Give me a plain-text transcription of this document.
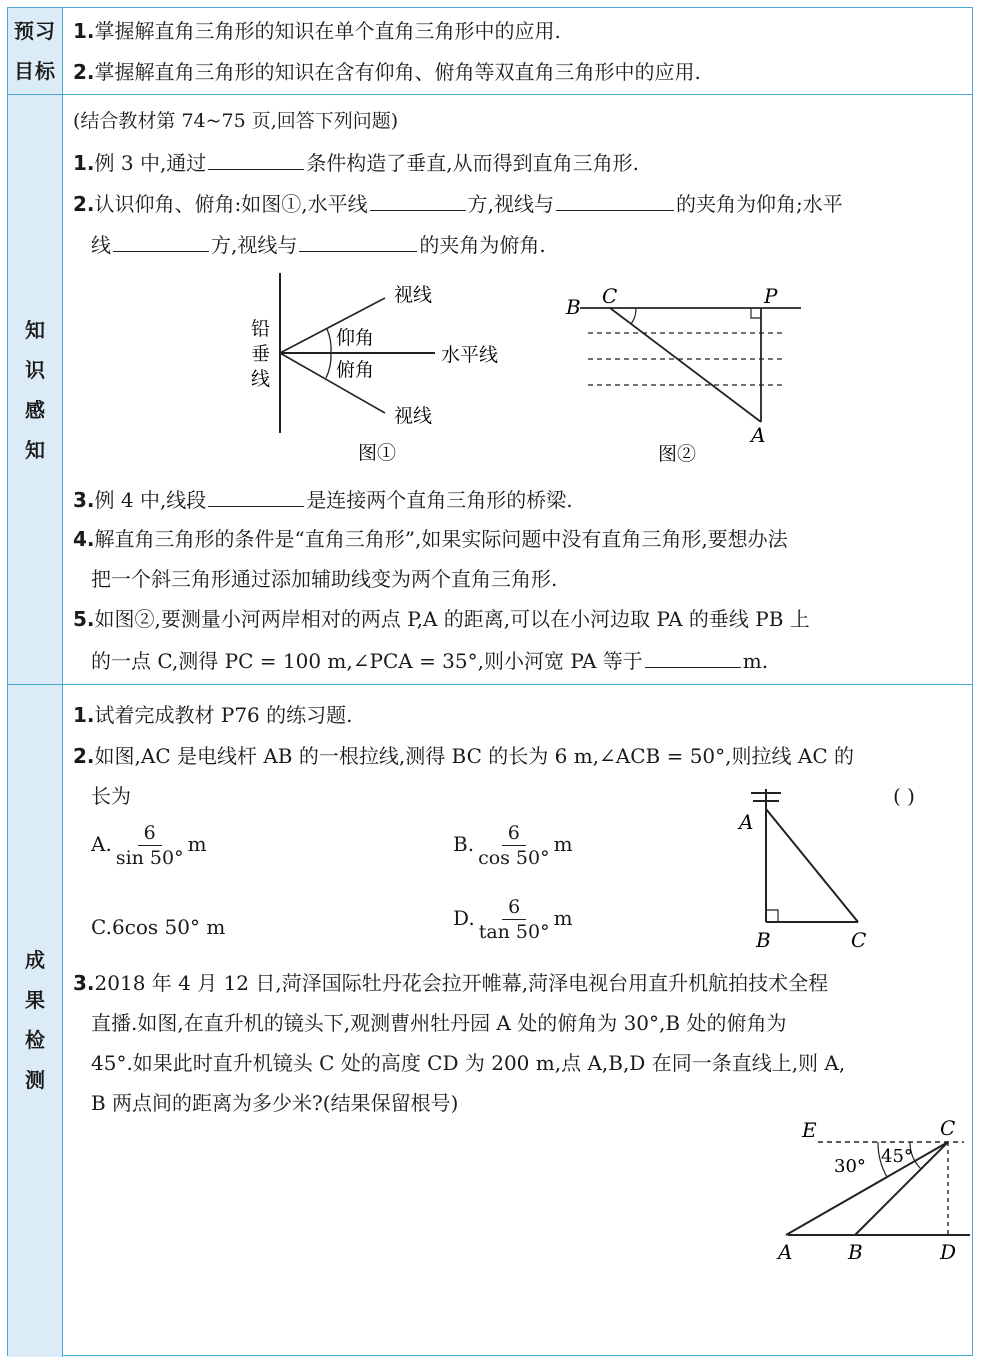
预习
目标
1.掌握解直角三角形的知识在单个直角三角形中的应用.
2.掌握解直角三角形的知识在含有仰角、俯角等双直角三角形中的应用.
知
识
感
知
(结合教材第 74~75 页,回答下列问题)
1.例 3 中,通过	条件构造了垂直,从而得到直角三角形.
2.认识仰角、俯角:如图①,水平线	方,视线与	的夹角为仰角;水平
线	方,视线与	的夹角为俯角.
视线
仰角
俯角
水平线
视线
铅
垂
线
图①
B C	P
A
图②
3.例 4 中,线段	是连接两个直角三角形的桥梁.
4.解直角三角形的条件是“直角三角形”,如果实际问题中没有直角三角形,要想办法
把一个斜三角形通过添加辅助线变为两个直角三角形.
5.如图②,要测量小河两岸相对的两点 P,A 的距离,可以在小河边取 PA 的垂线 PB 上
的一点 C,测得 PC = 100 m,∠PCA = 35°,则小河宽 PA 等于	m.
成
果
检
测
1.试着完成教材 P76 的练习题.
2.如图,AC 是电线杆 AB 的一根拉线,测得 BC 的长为 6 m,∠ACB = 50°,则拉线 AC 的
长为	( )
A. $\frac{6}{\sin 50^\circ}$ m	B. $\frac{6}{\cos 50^\circ}$ m
C.6cos 50° m	D. $\frac{6}{\tan 50^\circ}$ m
A
B	C
3.2018 年 4 月 12 日,菏泽国际牡丹花会拉开帷幕,菏泽电视台用直升机航拍技术全程
直播.如图,在直升机的镜头下,观测曹州牡丹园 A 处的俯角为 30°,B 处的俯角为
45°.如果此时直升机镜头 C 处的高度 CD 为 200 m,点 A,B,D 在同一条直线上,则 A,
B 两点间的距离为多少米?(结果保留根号)
E	C
45°
30°
A	B	D
